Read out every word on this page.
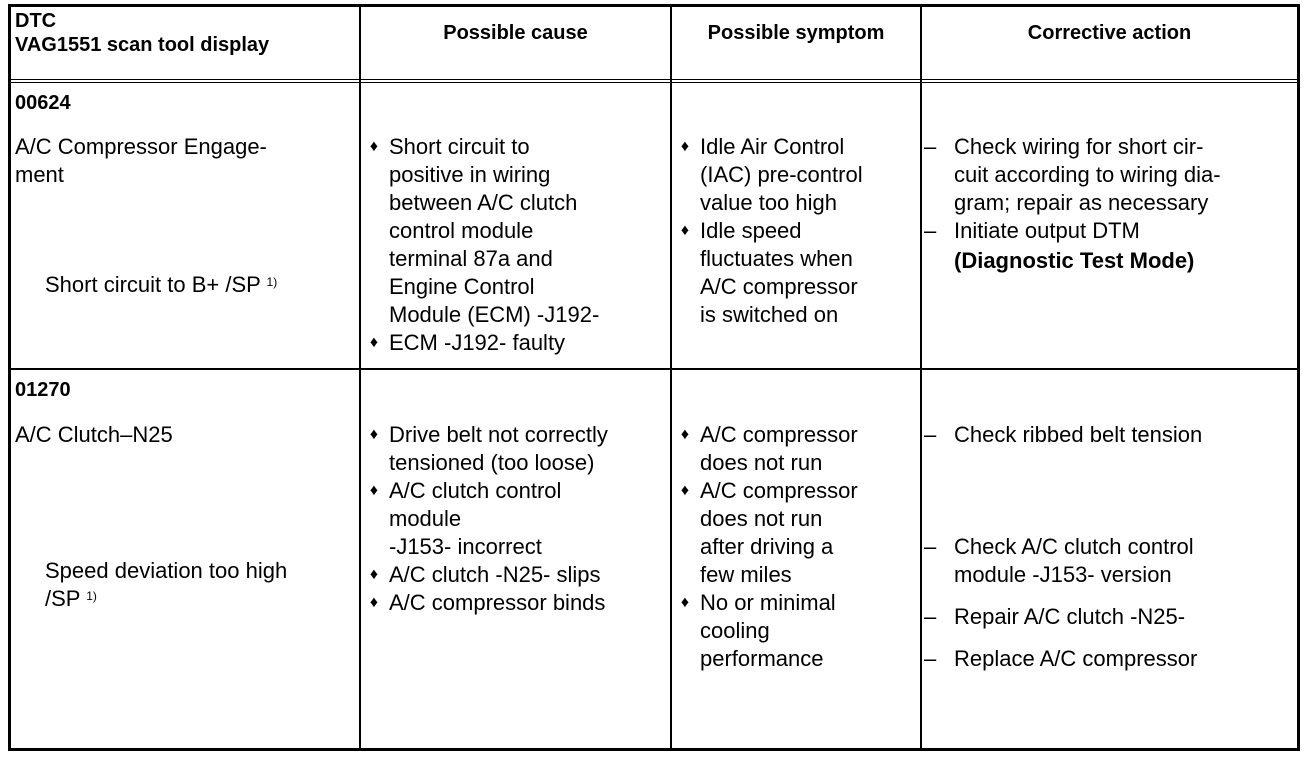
DTC
VAG1551 scan tool display
Possible cause	Possible symptom	Corrective action
00624
A/C Compressor Engage-
ment
Short circuit to B+ /SP $^{1)}$
♦ Short circuit to
positive in wiring
between A/C clutch
control module
terminal 87a and
Engine Control
Module (ECM) -J192-
♦ ECM -J192- faulty
♦ Idle Air Control
(IAC) pre-control
value too high
♦ Idle speed
fluctuates when
A/C compressor
is switched on
– Check wiring for short cir-
cuit according to wiring dia-
gram; repair as necessary
– Initiate output DTM
(Diagnostic Test Mode)
01270
A/C Clutch–N25
Speed deviation too high
/SP $^{1)}$
♦ Drive belt not correctly
tensioned (too loose)
♦ A/C clutch control
module
-J153- incorrect
♦ A/C clutch -N25- slips
♦ A/C compressor binds
♦ A/C compressor
does not run
♦ A/C compressor
does not run
after driving a
few miles
♦ No or minimal
cooling
performance
– Check ribbed belt tension
– Check A/C clutch control
module -J153- version
– Repair A/C clutch -N25-
– Replace A/C compressor
